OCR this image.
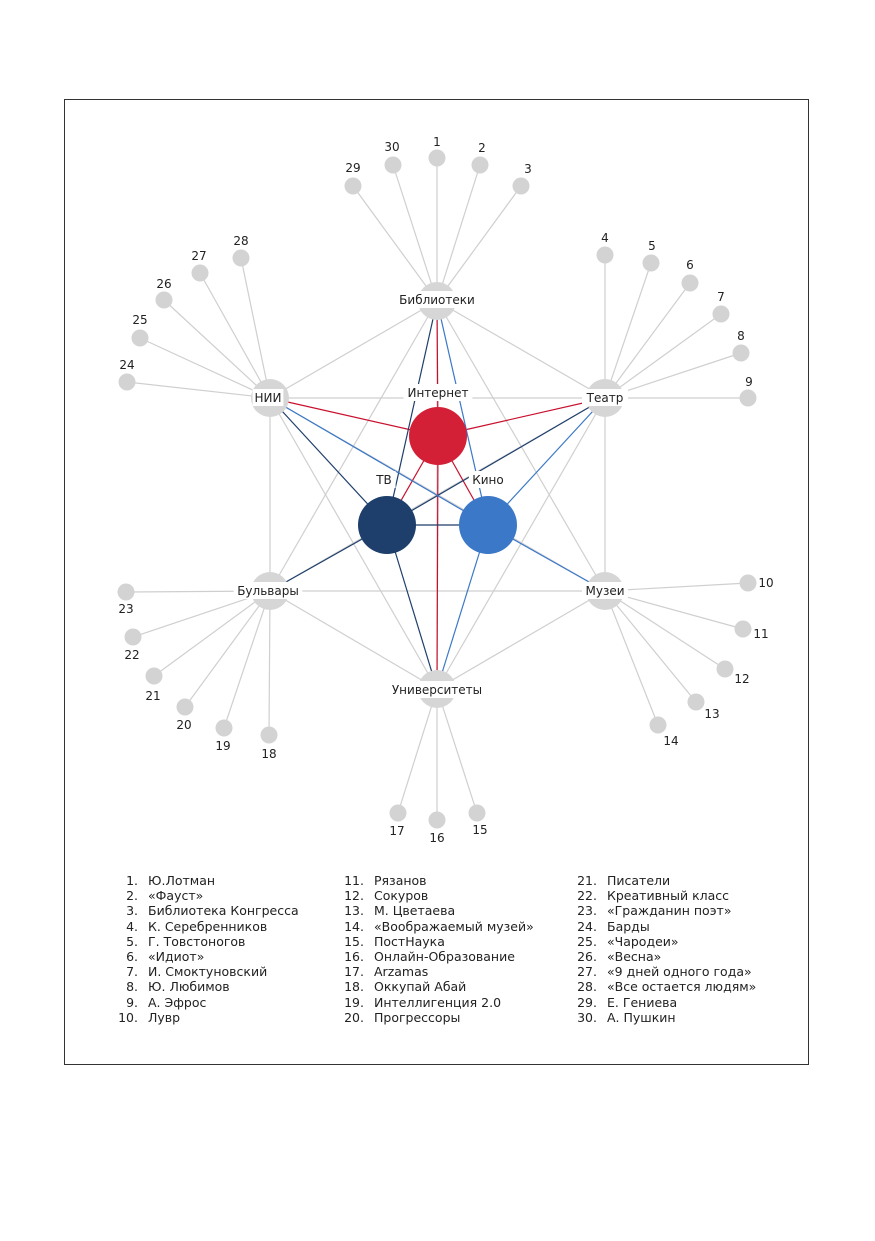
1	2
3
4
5
6
7
8
9
10
11
12
13
14
15
16
17
18
19
20
21
22
23
24
25
26
27
28
29
30
Библиотеки
Театр
Музеи
Университеты
Бульвары
НИИ	Интернет
ТВ	Кино
1. Ю.Лотман
2. «Фауст»
3. Библиотека Конгресса
4. К. Серебренников
5. Г. Товстоногов
6. «Идиот»
7. И. Смоктуновский
8. Ю. Любимов
9. А. Эфрос
10. Лувр
11. Рязанов
12. Сокуров
13. М. Цветаева
14. «Воображаемый музей»
15. ПостНаука
16. Онлайн-Образование
17. Arzamas
18. Оккупай Абай
19. Интеллигенция 2.0
20. Прогрессоры
21. Писатели
22. Креативный класс
23. «Гражданин поэт»
24. Барды
25. «Чародеи»
26. «Весна»
27. «9 дней одного года»
28. «Все остается людям»
29. Е. Гениева
30. А. Пушкин
